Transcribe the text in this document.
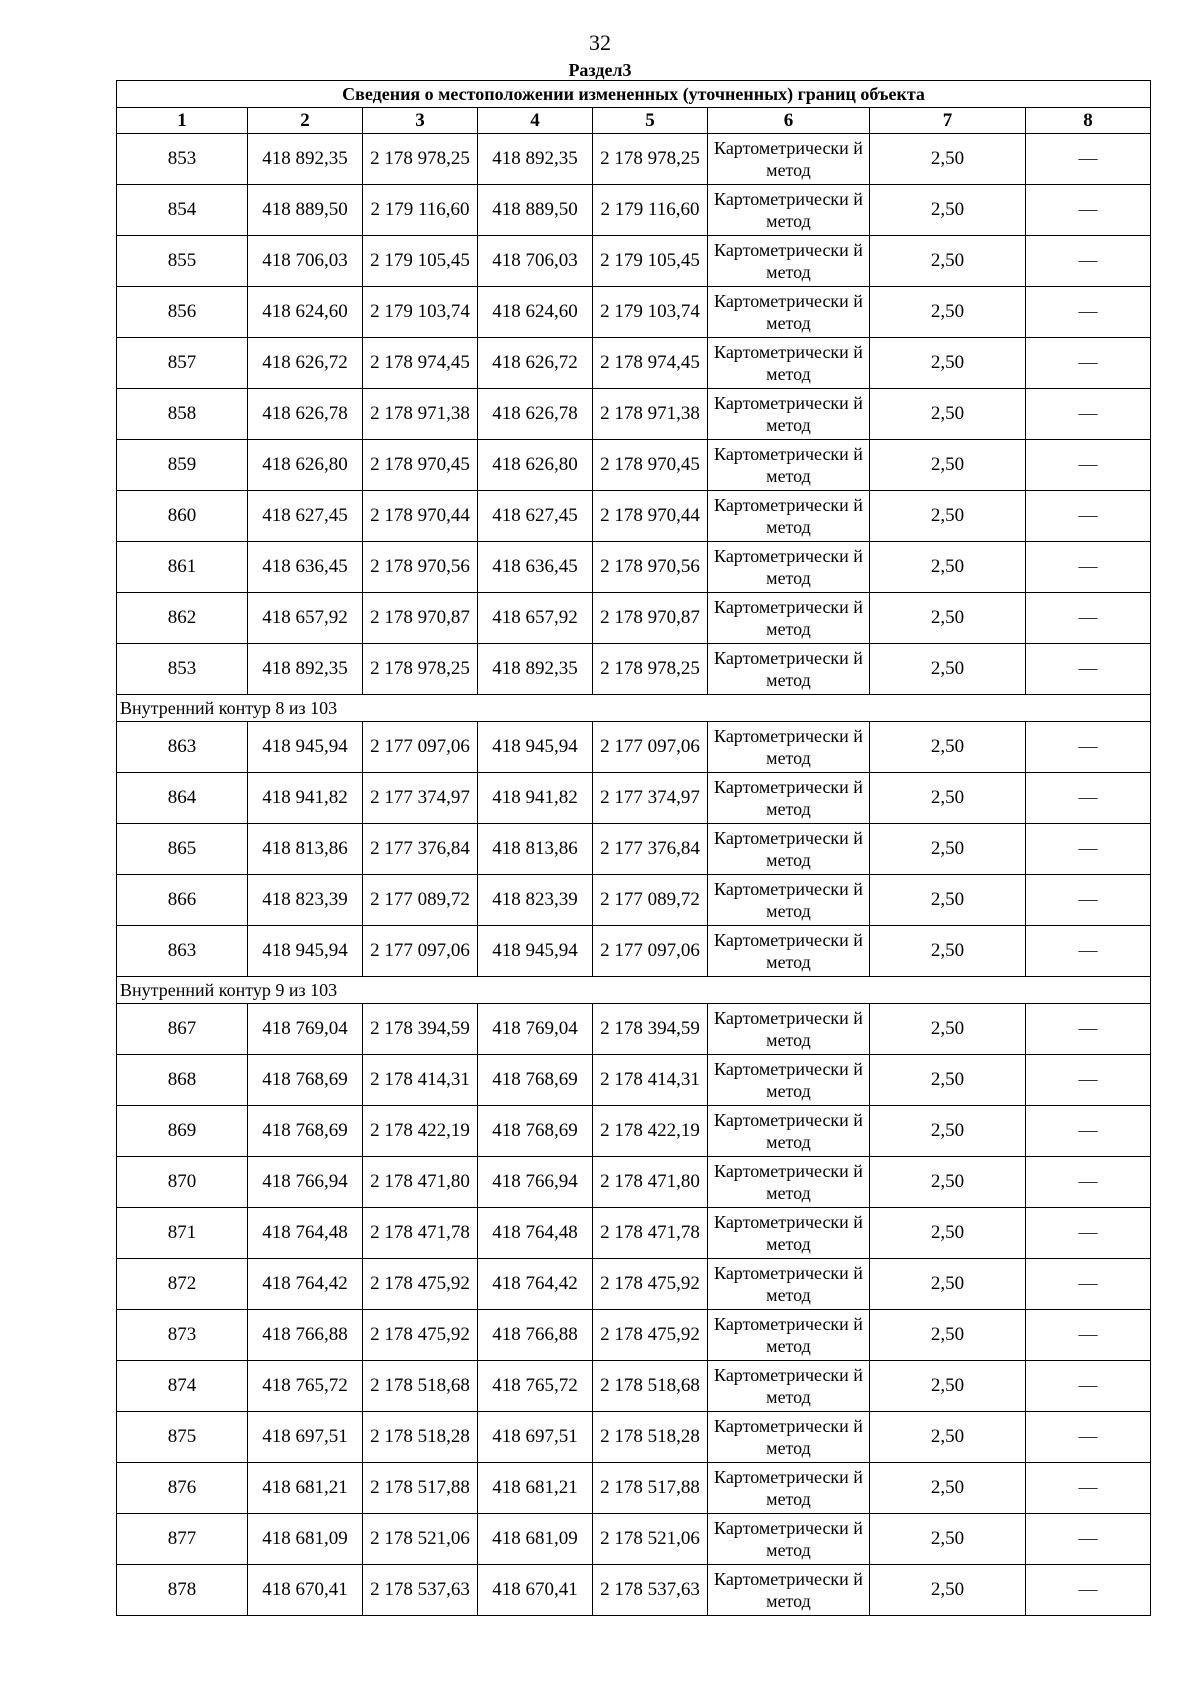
32
Раздел3
Сведения о местоположении измененных (уточненных) границ объекта							
1	2	3	4	5	6	7	8
853	418 892,35	2 178 978,25	418 892,35	2 178 978,25	Картометрически й метод	2,50	—
854	418 889,50	2 179 116,60	418 889,50	2 179 116,60	Картометрически й метод	2,50	—
855	418 706,03	2 179 105,45	418 706,03	2 179 105,45	Картометрически й метод	2,50	—
856	418 624,60	2 179 103,74	418 624,60	2 179 103,74	Картометрически й метод	2,50	—
857	418 626,72	2 178 974,45	418 626,72	2 178 974,45	Картометрически й метод	2,50	—
858	418 626,78	2 178 971,38	418 626,78	2 178 971,38	Картометрически й метод	2,50	—
859	418 626,80	2 178 970,45	418 626,80	2 178 970,45	Картометрически й метод	2,50	—
860	418 627,45	2 178 970,44	418 627,45	2 178 970,44	Картометрически й метод	2,50	—
861	418 636,45	2 178 970,56	418 636,45	2 178 970,56	Картометрически й метод	2,50	—
862	418 657,92	2 178 970,87	418 657,92	2 178 970,87	Картометрически й метод	2,50	—
853	418 892,35	2 178 978,25	418 892,35	2 178 978,25	Картометрически й метод	2,50	—
Внутренний контур 8 из 103							
863	418 945,94	2 177 097,06	418 945,94	2 177 097,06	Картометрически й метод	2,50	—
864	418 941,82	2 177 374,97	418 941,82	2 177 374,97	Картометрически й метод	2,50	—
865	418 813,86	2 177 376,84	418 813,86	2 177 376,84	Картометрически й метод	2,50	—
866	418 823,39	2 177 089,72	418 823,39	2 177 089,72	Картометрически й метод	2,50	—
863	418 945,94	2 177 097,06	418 945,94	2 177 097,06	Картометрически й метод	2,50	—
Внутренний контур 9 из 103							
867	418 769,04	2 178 394,59	418 769,04	2 178 394,59	Картометрически й метод	2,50	—
868	418 768,69	2 178 414,31	418 768,69	2 178 414,31	Картометрически й метод	2,50	—
869	418 768,69	2 178 422,19	418 768,69	2 178 422,19	Картометрически й метод	2,50	—
870	418 766,94	2 178 471,80	418 766,94	2 178 471,80	Картометрически й метод	2,50	—
871	418 764,48	2 178 471,78	418 764,48	2 178 471,78	Картометрически й метод	2,50	—
872	418 764,42	2 178 475,92	418 764,42	2 178 475,92	Картометрически й метод	2,50	—
873	418 766,88	2 178 475,92	418 766,88	2 178 475,92	Картометрически й метод	2,50	—
874	418 765,72	2 178 518,68	418 765,72	2 178 518,68	Картометрически й метод	2,50	—
875	418 697,51	2 178 518,28	418 697,51	2 178 518,28	Картометрически й метод	2,50	—
876	418 681,21	2 178 517,88	418 681,21	2 178 517,88	Картометрически й метод	2,50	—
877	418 681,09	2 178 521,06	418 681,09	2 178 521,06	Картометрически й метод	2,50	—
878	418 670,41	2 178 537,63	418 670,41	2 178 537,63	Картометрически й метод	2,50	—
